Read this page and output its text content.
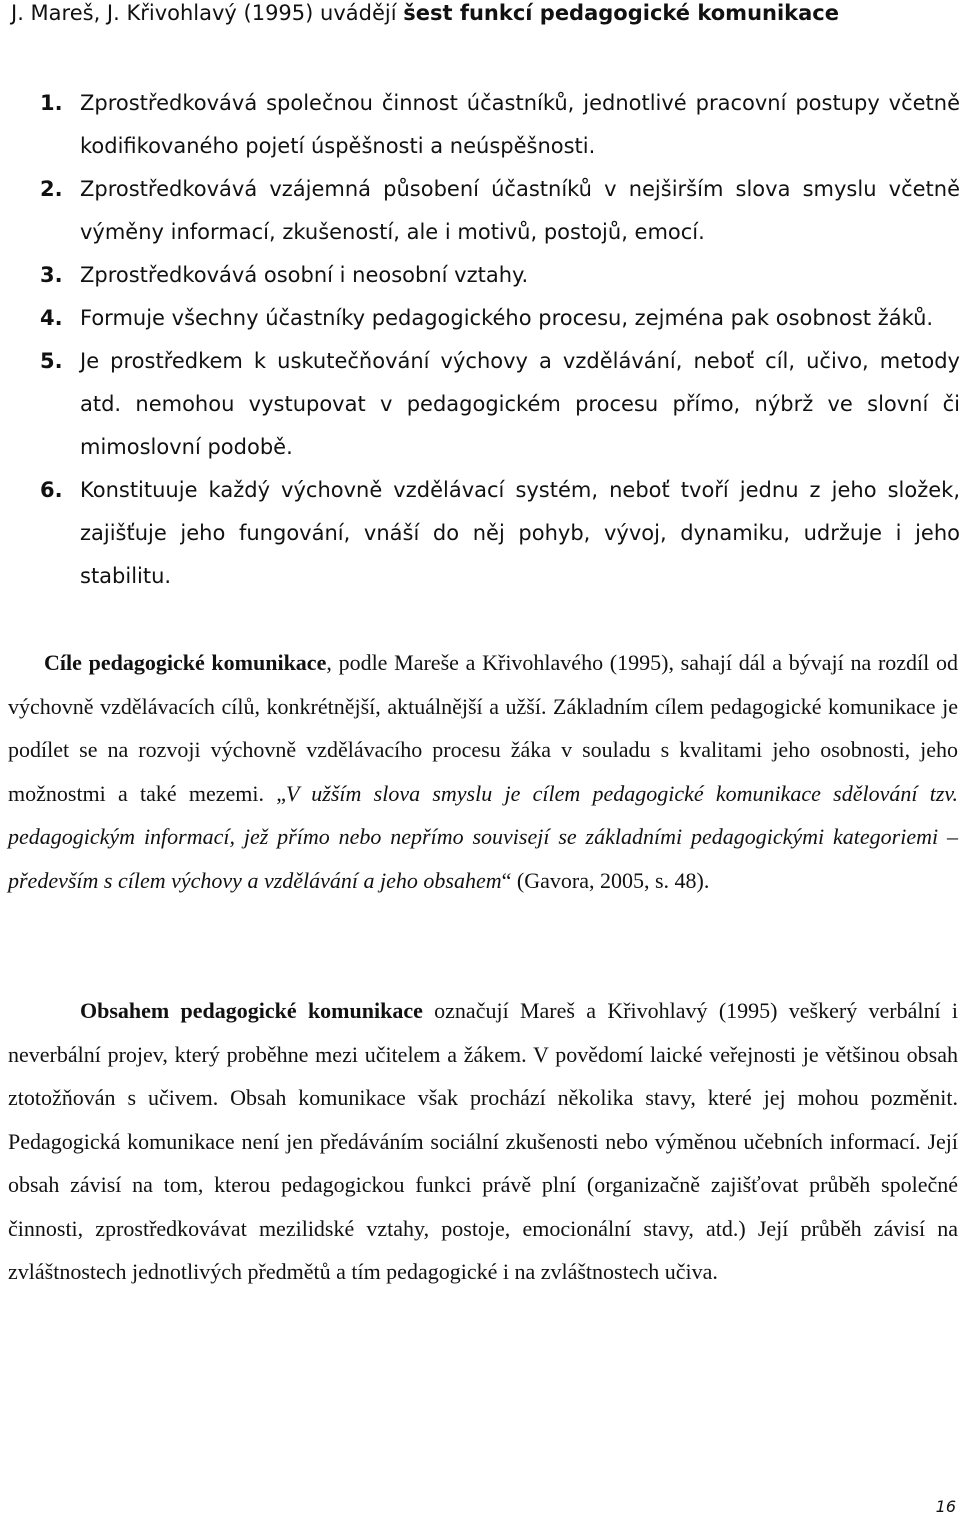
J. Mareš, J. Křivohlavý (1995) uvádějí šest funkcí pedagogické komunikace
1. Zprostředkovává společnou činnost účastníků, jednotlivé pracovní postupy včetně kodifikovaného pojetí úspěšnosti a neúspěšnosti.
2. Zprostředkovává vzájemná působení účastníků v nejširším slova smyslu včetně výměny informací, zkušeností, ale i motivů, postojů, emocí.
3. Zprostředkovává osobní i neosobní vztahy.
4. Formuje všechny účastníky pedagogického procesu, zejména pak osobnost žáků.
5. Je prostředkem k uskutečňování výchovy a vzdělávání, neboť cíl, učivo, metody atd. nemohou vystupovat v pedagogickém procesu přímo, nýbrž ve slovní či mimoslovní podobě.
6. Konstituuje každý výchovně vzdělávací systém, neboť tvoří jednu z jeho složek, zajišťuje jeho fungování, vnáší do něj pohyb, vývoj, dynamiku, udržuje i jeho stabilitu.

Cíle pedagogické komunikace, podle Mareše a Křivohlavého (1995), sahají dál a bývají na rozdíl od výchovně vzdělávacích cílů, konkrétnější, aktuálnější a užší. Základním cílem pedagogické komunikace je podílet se na rozvoji výchovně vzdělávacího procesu žáka v souladu s kvalitami jeho osobnosti, jeho možnostmi a také mezemi. „V užším slova smyslu je cílem pedagogické komunikace sdělování tzv. pedagogickým informací, jež přímo nebo nepřímo souvisejí se základními pedagogickými kategoriemi – především s cílem výchovy a vzdělávání a jeho obsahem“ (Gavora, 2005, s. 48).

Obsahem pedagogické komunikace označují Mareš a Křivohlavý (1995) veškerý verbální i neverbální projev, který proběhne mezi učitelem a žákem. V povědomí laické veřejnosti je většinou obsah ztotožňován s učivem. Obsah komunikace však prochází několika stavy, které jej mohou pozměnit. Pedagogická komunikace není jen předáváním sociální zkušenosti nebo výměnou učebních informací. Její obsah závisí na tom, kterou pedagogickou funkci právě plní (organizačně zajišťovat průběh společné činnosti, zprostředkovávat mezilidské vztahy, postoje, emocionální stavy, atd.) Její průběh závisí na zvláštnostech jednotlivých předmětů a tím pedagogické i na zvláštnostech učiva.

16
